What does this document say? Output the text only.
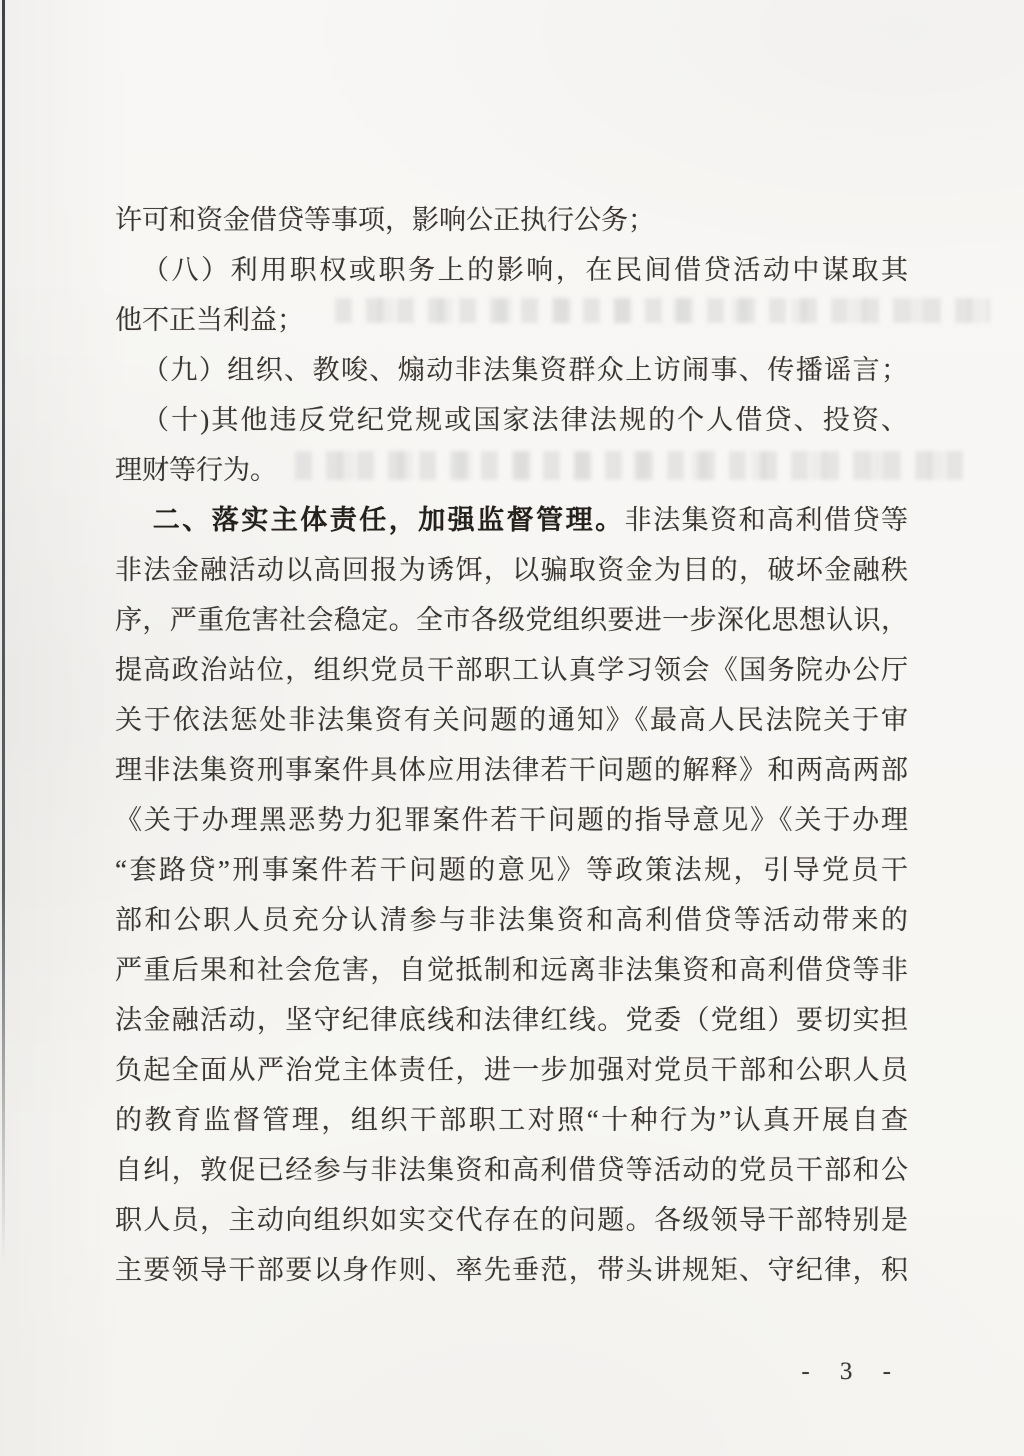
许可和资金借贷等事项，影响公正执行公务；
（八）利用职权或职务上的影响，在民间借贷活动中谋取其
他不正当利益；
（九）组织、教唆、煽动非法集资群众上访闹事、传播谣言；
（十)其他违反党纪党规或国家法律法规的个人借贷、投资、
理财等行为。
二、落实主体责任，加强监督管理。非法集资和高利借贷等
非法金融活动以高回报为诱饵，以骗取资金为目的，破坏金融秩
序，严重危害社会稳定。全市各级党组织要进一步深化思想认识，
提高政治站位，组织党员干部职工认真学习领会《国务院办公厅
关于依法惩处非法集资有关问题的通知》《最高人民法院关于审
理非法集资刑事案件具体应用法律若干问题的解释》和两高两部
《关于办理黑恶势力犯罪案件若干问题的指导意见》《关于办理
“套路贷”刑事案件若干问题的意见》等政策法规，引导党员干
部和公职人员充分认清参与非法集资和高利借贷等活动带来的
严重后果和社会危害，自觉抵制和远离非法集资和高利借贷等非
法金融活动，坚守纪律底线和法律红线。党委（党组）要切实担
负起全面从严治党主体责任，进一步加强对党员干部和公职人员
的教育监督管理，组织干部职工对照“十种行为”认真开展自查
自纠，敦促已经参与非法集资和高利借贷等活动的党员干部和公
职人员，主动向组织如实交代存在的问题。各级领导干部特别是
主要领导干部要以身作则、率先垂范，带头讲规矩、守纪律，积
- 3 -
